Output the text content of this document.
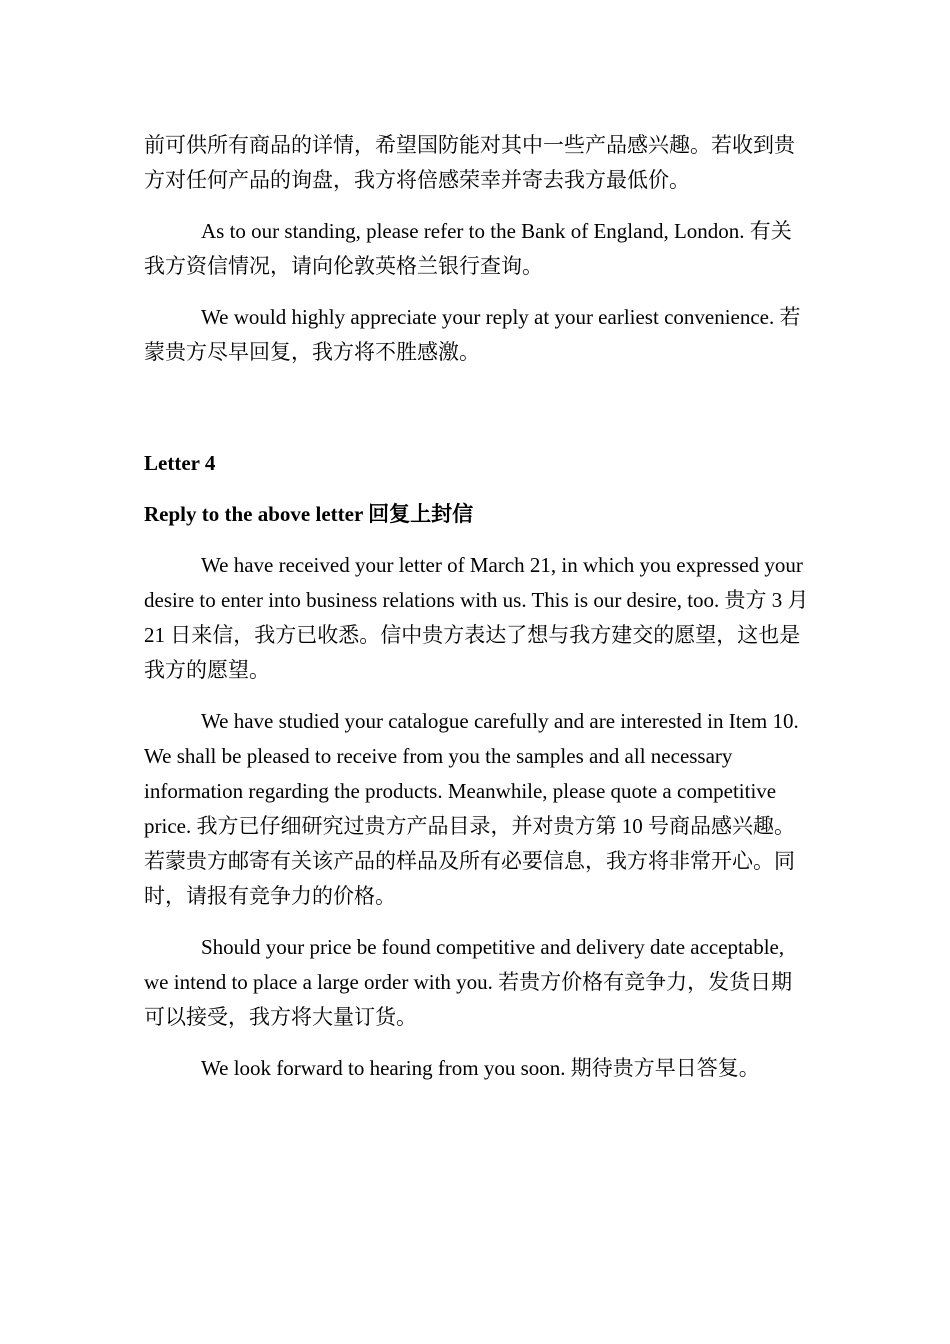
前可供所有商品的详情，希望国防能对其中一些产品感兴趣。若收到贵方对任何产品的询盘，我方将倍感荣幸并寄去我方最低价。

As to our standing, please refer to the Bank of England, London. 有关我方资信情况，请向伦敦英格兰银行查询。

We would highly appreciate your reply at your earliest convenience. 若蒙贵方尽早回复，我方将不胜感激。

Letter 4

Reply to the above letter 回复上封信

We have received your letter of March 21, in which you expressed your desire to enter into business relations with us. This is our desire, too. 贵方 3 月 21 日来信，我方已收悉。信中贵方表达了想与我方建交的愿望，这也是我方的愿望。

We have studied your catalogue carefully and are interested in Item 10. We shall be pleased to receive from you the samples and all necessary information regarding the products. Meanwhile, please quote a competitive price. 我方已仔细研究过贵方产品目录，并对贵方第 10 号商品感兴趣。若蒙贵方邮寄有关该产品的样品及所有必要信息，我方将非常开心。同时，请报有竞争力的价格。

Should your price be found competitive and delivery date acceptable, we intend to place a large order with you. 若贵方价格有竞争力，发货日期可以接受，我方将大量订货。

We look forward to hearing from you soon. 期待贵方早日答复。
